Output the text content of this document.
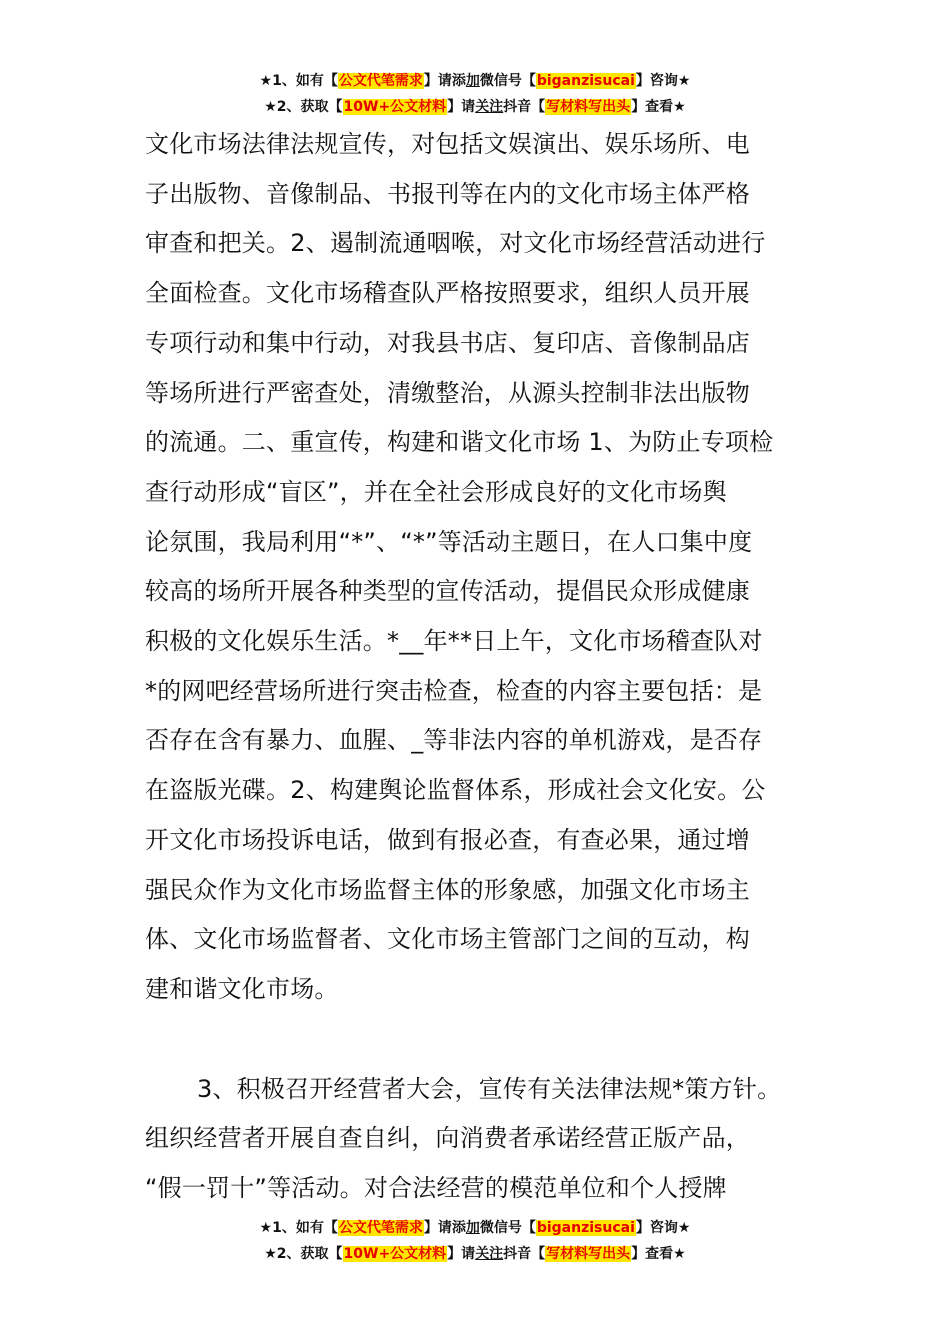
★1、如有【公文代笔需求】请添加微信号【biganzisucai】咨询★
★2、获取【10W+公文材料】请关注抖音【写材料写出头】查看★

文化市场法律法规宣传，对包括文娱演出、娱乐场所、电
子出版物、音像制品、书报刊等在内的文化市场主体严格
审查和把关。2、遏制流通咽喉，对文化市场经营活动进行
全面检查。文化市场稽查队严格按照要求，组织人员开展
专项行动和集中行动，对我县书店、复印店、音像制品店
等场所进行严密查处，清缴整治，从源头控制非法出版物
的流通。二、重宣传，构建和谐文化市场 1、为防止专项检
查行动形成“盲区”，并在全社会形成良好的文化市场舆
论氛围，我局利用“*”、“*”等活动主题日，在人口集中度
较高的场所开展各种类型的宣传活动，提倡民众形成健康
积极的文化娱乐生活。*__年**日上午，文化市场稽查队对
*的网吧经营场所进行突击检查，检查的内容主要包括：是
否存在含有暴力、血腥、_等非法内容的单机游戏，是否存
在盗版光碟。2、构建舆论监督体系，形成社会文化安。公
开文化市场投诉电话，做到有报必查，有查必果，通过增
强民众作为文化市场监督主体的形象感，加强文化市场主
体、文化市场监督者、文化市场主管部门之间的互动，构
建和谐文化市场。

3、积极召开经营者大会，宣传有关法律法规*策方针。
组织经营者开展自查自纠，向消费者承诺经营正版产品，
“假一罚十”等活动。对合法经营的模范单位和个人授牌

★1、如有【公文代笔需求】请添加微信号【biganzisucai】咨询★
★2、获取【10W+公文材料】请关注抖音【写材料写出头】查看★
